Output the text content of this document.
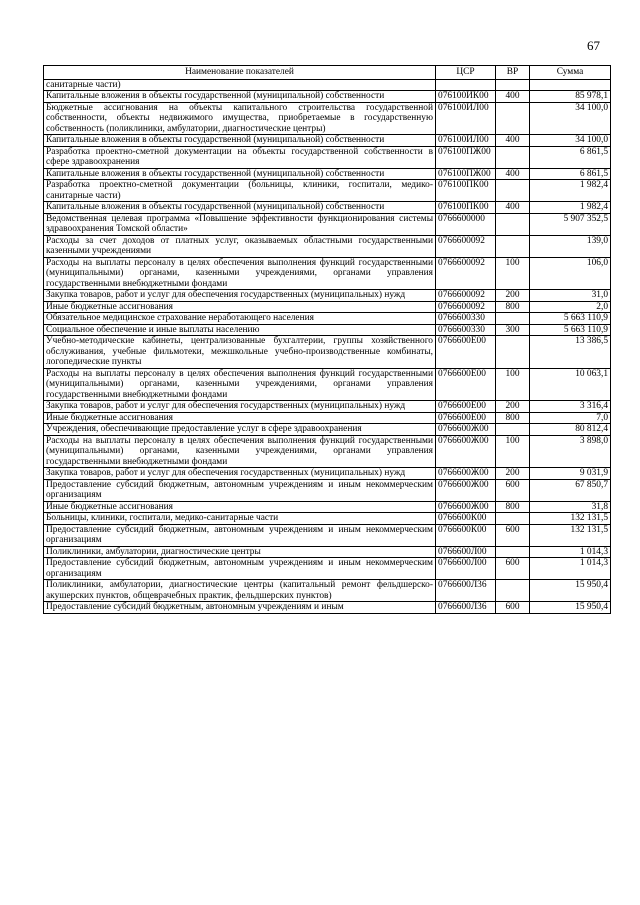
67
Наименование показателей	ЦСР	ВР	Сумма
санитарные части)			
Капитальные вложения в объекты государственной (муниципальной) собственности	076100ИК00	400	85 978,1
Бюджетные ассигнования на объекты капитального строительства государственной собственности, объекты недвижимого имущества, приобретаемые в государственную собственность (поликлиники, амбулатории, диагностические центры)	076100ИЛ00		34 100,0
Капитальные вложения в объекты государственной (муниципальной) собственности	076100ИЛ00	400	34 100,0
Разработка проектно-сметной документации на объекты государственной собственности в сфере здравоохранения	076100ПЖ00		6 861,5
Капитальные вложения в объекты государственной (муниципальной) собственности	076100ПЖ00	400	6 861,5
Разработка проектно-сметной документации (больницы, клиники, госпитали, медико-санитарные части)	076100ПК00		1 982,4
Капитальные вложения в объекты государственной (муниципальной) собственности	076100ПК00	400	1 982,4
Ведомственная целевая программа «Повышение эффективности функционирования системы здравоохранения Томской области»	0766600000		5 907 352,5
Расходы за счет доходов от платных услуг, оказываемых областными государственными казенными учреждениями	0766600092		139,0
Расходы на выплаты персоналу в целях обеспечения выполнения функций государственными (муниципальными) органами, казенными учреждениями, органами управления государственными внебюджетными фондами	0766600092	100	106,0
Закупка товаров, работ и услуг для обеспечения государственных (муниципальных) нужд	0766600092	200	31,0
Иные бюджетные ассигнования	0766600092	800	2,0
Обязательное медицинское страхование неработающего населения	0766600330		5 663 110,9
Социальное обеспечение и иные выплаты населению	0766600330	300	5 663 110,9
Учебно-методические кабинеты, централизованные бухгалтерии, группы хозяйственного обслуживания, учебные фильмотеки, межшкольные учебно-производственные комбинаты, логопедические пункты	0766600Е00		13 386,5
Расходы на выплаты персоналу в целях обеспечения выполнения функций государственными (муниципальными) органами, казенными учреждениями, органами управления государственными внебюджетными фондами	0766600Е00	100	10 063,1
Закупка товаров, работ и услуг для обеспечения государственных (муниципальных) нужд	0766600Е00	200	3 316,4
Иные бюджетные ассигнования	0766600Е00	800	7,0
Учреждения, обеспечивающие предоставление услуг в сфере здравоохранения	0766600Ж00		80 812,4
Расходы на выплаты персоналу в целях обеспечения выполнения функций государственными (муниципальными) органами, казенными учреждениями, органами управления государственными внебюджетными фондами	0766600Ж00	100	3 898,0
Закупка товаров, работ и услуг для обеспечения государственных (муниципальных) нужд	0766600Ж00	200	9 031,9
Предоставление субсидий бюджетным, автономным учреждениям и иным некоммерческим организациям	0766600Ж00	600	67 850,7
Иные бюджетные ассигнования	0766600Ж00	800	31,8
Больницы, клиники, госпитали, медико-санитарные части	0766600К00		132 131,5
Предоставление субсидий бюджетным, автономным учреждениям и иным некоммерческим организациям	0766600К00	600	132 131,5
Поликлиники, амбулатории, диагностические центры	0766600Л00		1 014,3
Предоставление субсидий бюджетным, автономным учреждениям и иным некоммерческим организациям	0766600Л00	600	1 014,3
Поликлиники, амбулатории, диагностические центры (капитальный ремонт фельдшерско-акушерских пунктов, общеврачебных практик, фельдшерских пунктов)	0766600Л36		15 950,4
Предоставление субсидий бюджетным, автономным учреждениям и иным	0766600Л36	600	15 950,4
